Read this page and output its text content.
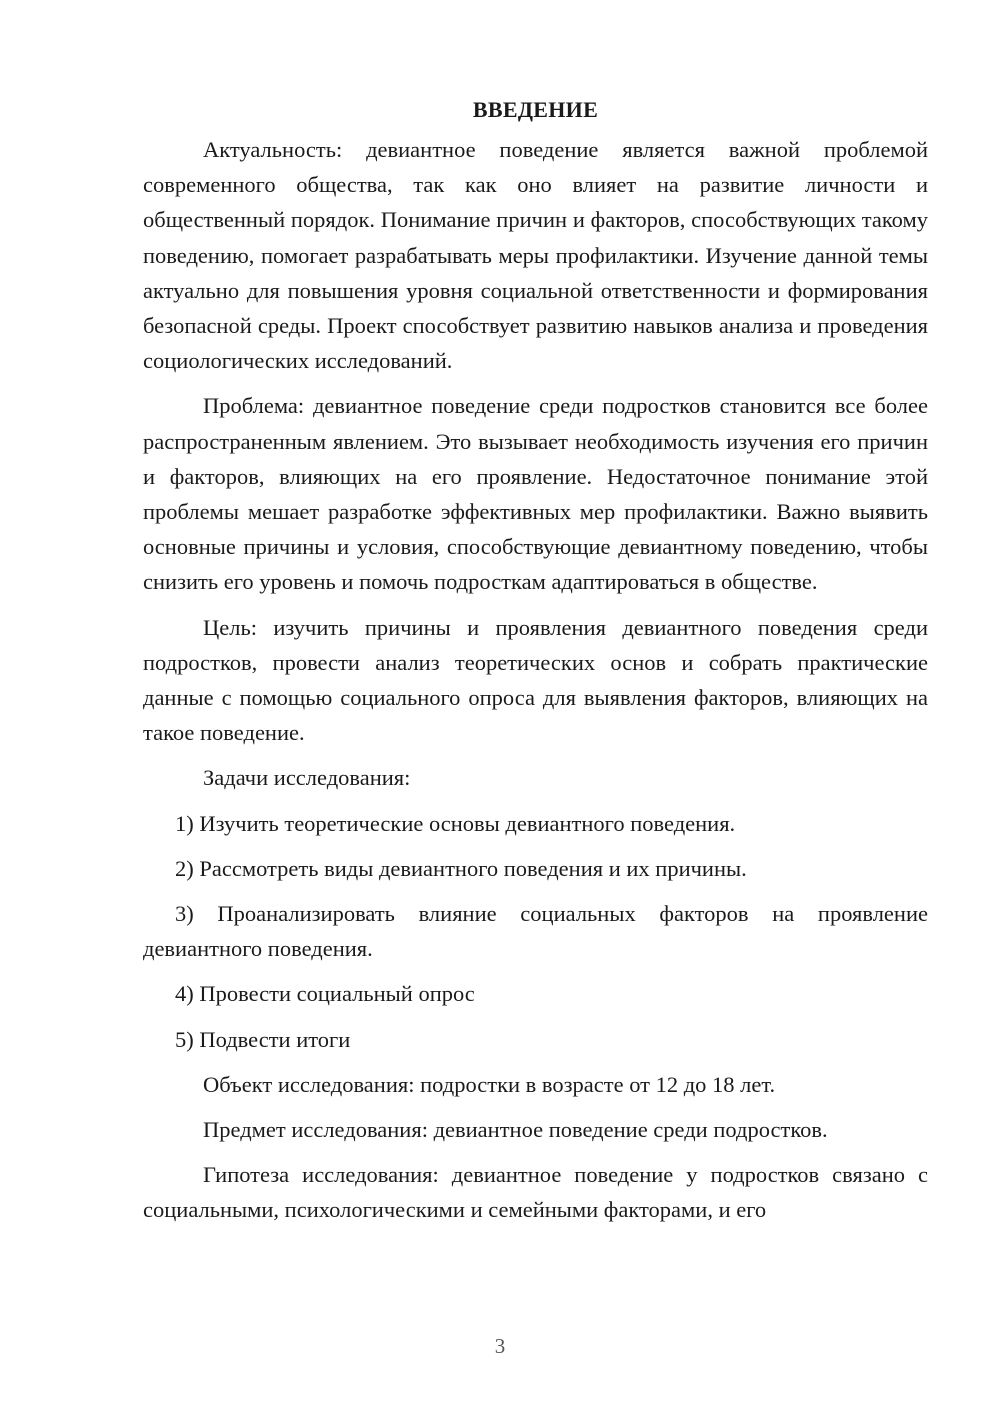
ВВЕДЕНИЕ

Актуальность: девиантное поведение является важной проблемой современного общества, так как оно влияет на развитие личности и общественный порядок. Понимание причин и факторов, способствующих такому поведению, помогает разрабатывать меры профилактики. Изучение данной темы актуально для повышения уровня социальной ответственности и формирования безопасной среды. Проект способствует развитию навыков анализа и проведения социологических исследований.

Проблема: девиантное поведение среди подростков становится все более распространенным явлением. Это вызывает необходимость изучения его причин и факторов, влияющих на его проявление. Недостаточное понимание этой проблемы мешает разработке эффективных мер профилактики. Важно выявить основные причины и условия, способствующие девиантному поведению, чтобы снизить его уровень и помочь подросткам адаптироваться в обществе.

Цель: изучить причины и проявления девиантного поведения среди подростков, провести анализ теоретических основ и собрать практические данные с помощью социального опроса для выявления факторов, влияющих на такое поведение.

Задачи исследования:

1) Изучить теоретические основы девиантного поведения.

2) Рассмотреть виды девиантного поведения и их причины.

3) Проанализировать влияние социальных факторов на проявление девиантного поведения.

4) Провести социальный опрос

5) Подвести итоги

Объект исследования: подростки в возрасте от 12 до 18 лет.

Предмет исследования: девиантное поведение среди подростков.

Гипотеза исследования: девиантное поведение у подростков связано с социальными, психологическими и семейными факторами, и его

3
